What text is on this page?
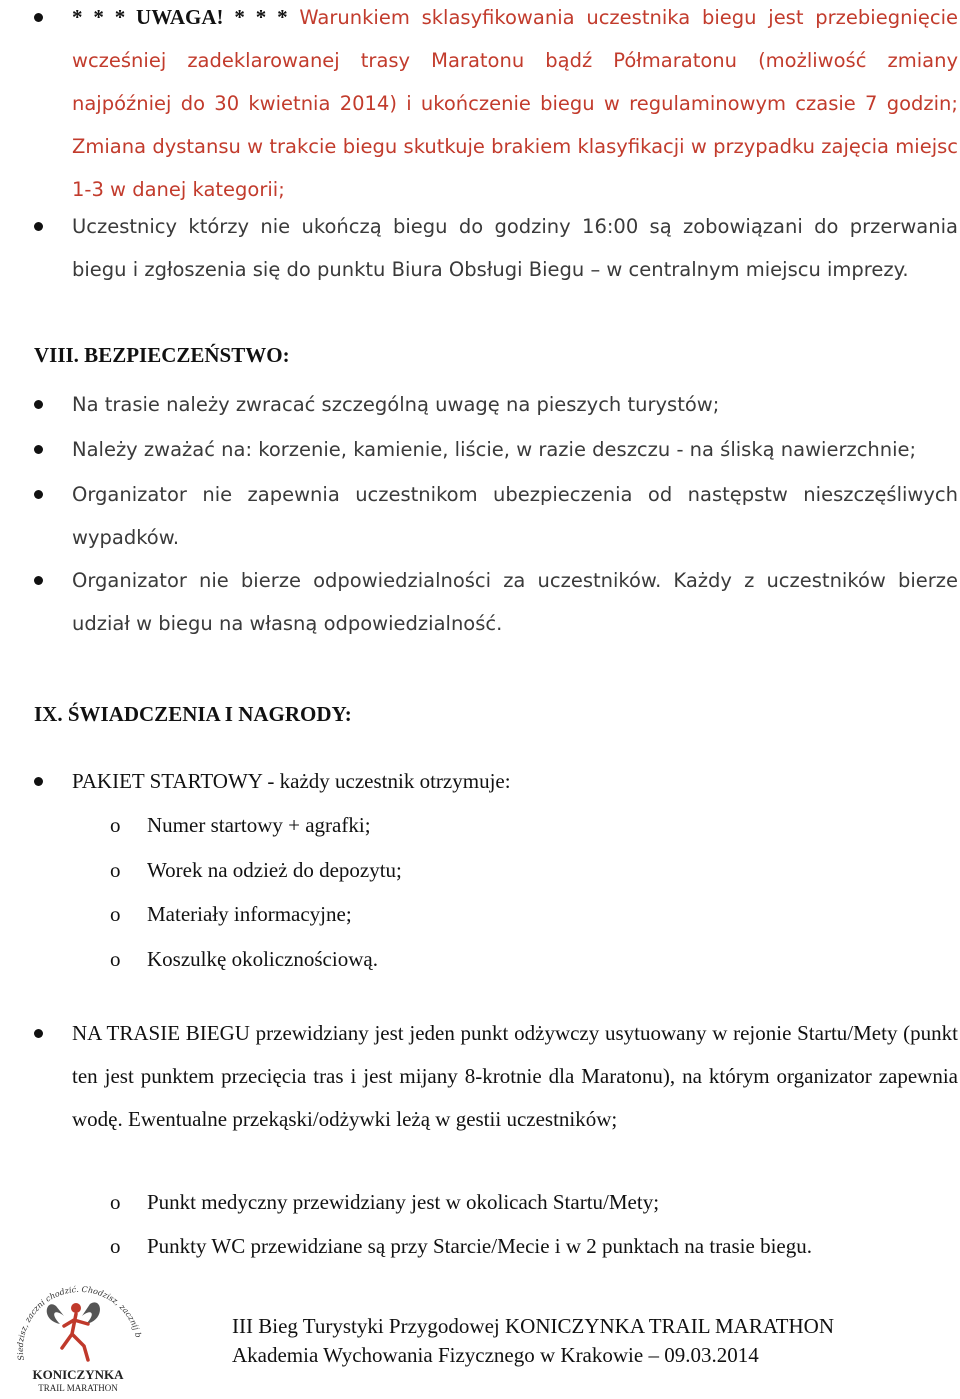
* * * UWAGA! * * * Warunkiem sklasyfikowania uczestnika biegu jest przebiegnięcie wcześniej zadeklarowanej trasy Maratonu bądź Półmaratonu (możliwość zmiany najpóźniej do 30 kwietnia 2014) i ukończenie biegu w regulaminowym czasie 7 godzin; Zmiana dystansu w trakcie biegu skutkuje brakiem klasyfikacji w przypadku zajęcia miejsc 1-3 w danej kategorii;
Uczestnicy którzy nie ukończą biegu do godziny 16:00 są zobowiązani do przerwania biegu i zgłoszenia się do punktu Biura Obsługi Biegu – w centralnym miejscu imprezy.
VIII. BEZPIECZEŃSTWO:
Na trasie należy zwracać szczególną uwagę na pieszych turystów;
Należy zważać na: korzenie, kamienie, liście, w razie deszczu - na śliską nawierzchnie;
Organizator nie zapewnia uczestnikom ubezpieczenia od następstw nieszczęśliwych wypadków.
Organizator nie bierze odpowiedzialności za uczestników. Każdy z uczestników bierze udział w biegu na własną odpowiedzialność.
IX. ŚWIADCZENIA I NAGRODY:
PAKIET STARTOWY - każdy uczestnik otrzymuje:
o Numer startowy + agrafki;
o Worek na odzież do depozytu;
o Materiały informacyjne;
o Koszulkę okolicznościową.
NA TRASIE BIEGU przewidziany jest jeden punkt odżywczy usytuowany w rejonie Startu/Mety (punkt ten jest punktem przecięcia tras i jest mijany 8-krotnie dla Maratonu), na którym organizator zapewnia wodę. Ewentualne przekąski/odżywki leżą w gestii uczestników;
o Punkt medyczny przewidziany jest w okolicach Startu/Mety;
o Punkty WC przewidziane są przy Starcie/Mecie i w 2 punktach na trasie biegu.
Siedzisz, zaczni chodzić. Chodzisz, zacznij b
KONICZYNKA
TRAIL MARATHON
III Bieg Turystyki Przygodowej KONICZYNKA TRAIL MARATHON
Akademia Wychowania Fizycznego w Krakowie – 09.03.2014
